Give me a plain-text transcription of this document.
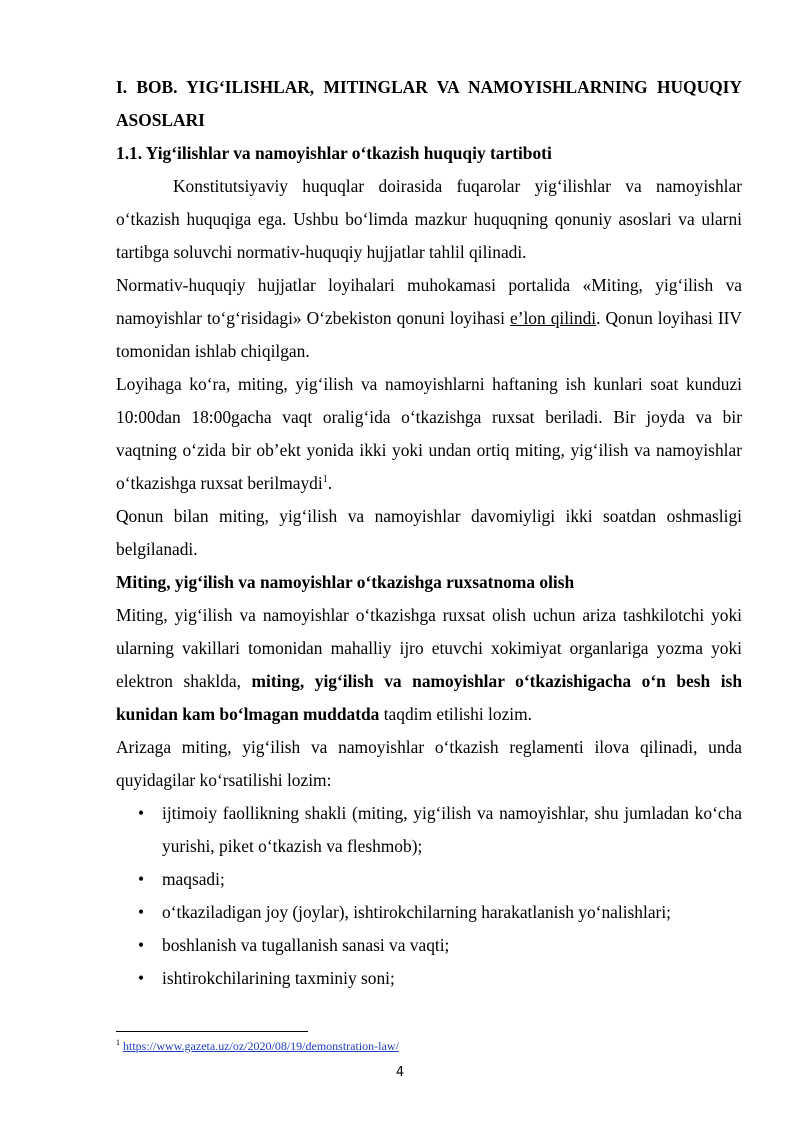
I. BOB. YIG‘ILISHLAR, MITINGLAR VA NAMOYISHLARNING HUQUQIY ASOSLARI

1.1. Yig‘ilishlar va namoyishlar o‘tkazish huquqiy tartiboti

Konstitutsiyaviy huquqlar doirasida fuqarolar yig‘ilishlar va namoyishlar o‘tkazish huquqiga ega. Ushbu bo‘limda mazkur huquqning qonuniy asoslari va ularni tartibga soluvchi normativ-huquqiy hujjatlar tahlil qilinadi.

Normativ-huquqiy hujjatlar loyihalari muhokamasi portalida «Miting, yig‘ilish va namoyishlar to‘g‘risidagi» O‘zbekiston qonuni loyihasi e’lon qilindi. Qonun loyihasi IIV tomonidan ishlab chiqilgan.

Loyihaga ko‘ra, miting, yig‘ilish va namoyishlarni haftaning ish kunlari soat kunduzi 10:00dan 18:00gacha vaqt oralig‘ida o‘tkazishga ruxsat beriladi. Bir joyda va bir vaqtning o‘zida bir ob’ekt yonida ikki yoki undan ortiq miting, yig‘ilish va namoyishlar o‘tkazishga ruxsat berilmaydi$^1$.

Qonun bilan miting, yig‘ilish va namoyishlar davomiyligi ikki soatdan oshmasligi belgilanadi.

Miting, yig‘ilish va namoyishlar o‘tkazishga ruxsatnoma olish

Miting, yig‘ilish va namoyishlar o‘tkazishga ruxsat olish uchun ariza tashkilotchi yoki ularning vakillari tomonidan mahalliy ijro etuvchi xokimiyat organlariga yozma yoki elektron shaklda, miting, yig‘ilish va namoyishlar o‘tkazishigacha o‘n besh ish kunidan kam bo‘lmagan muddatda taqdim etilishi lozim.

Arizaga miting, yig‘ilish va namoyishlar o‘tkazish reglamenti ilova qilinadi, unda quyidagilar ko‘rsatilishi lozim:

• ijtimoiy faollikning shakli (miting, yig‘ilish va namoyishlar, shu jumladan ko‘cha yurishi, piket o‘tkazish va fleshmob);
• maqsadi;
• o‘tkaziladigan joy (joylar), ishtirokchilarning harakatlanish yo‘nalishlari;
• boshlanish va tugallanish sanasi va vaqti;
• ishtirokchilarining taxminiy soni;
$^1$ https://www.gazeta.uz/oz/2020/08/19/demonstration-law/
4
